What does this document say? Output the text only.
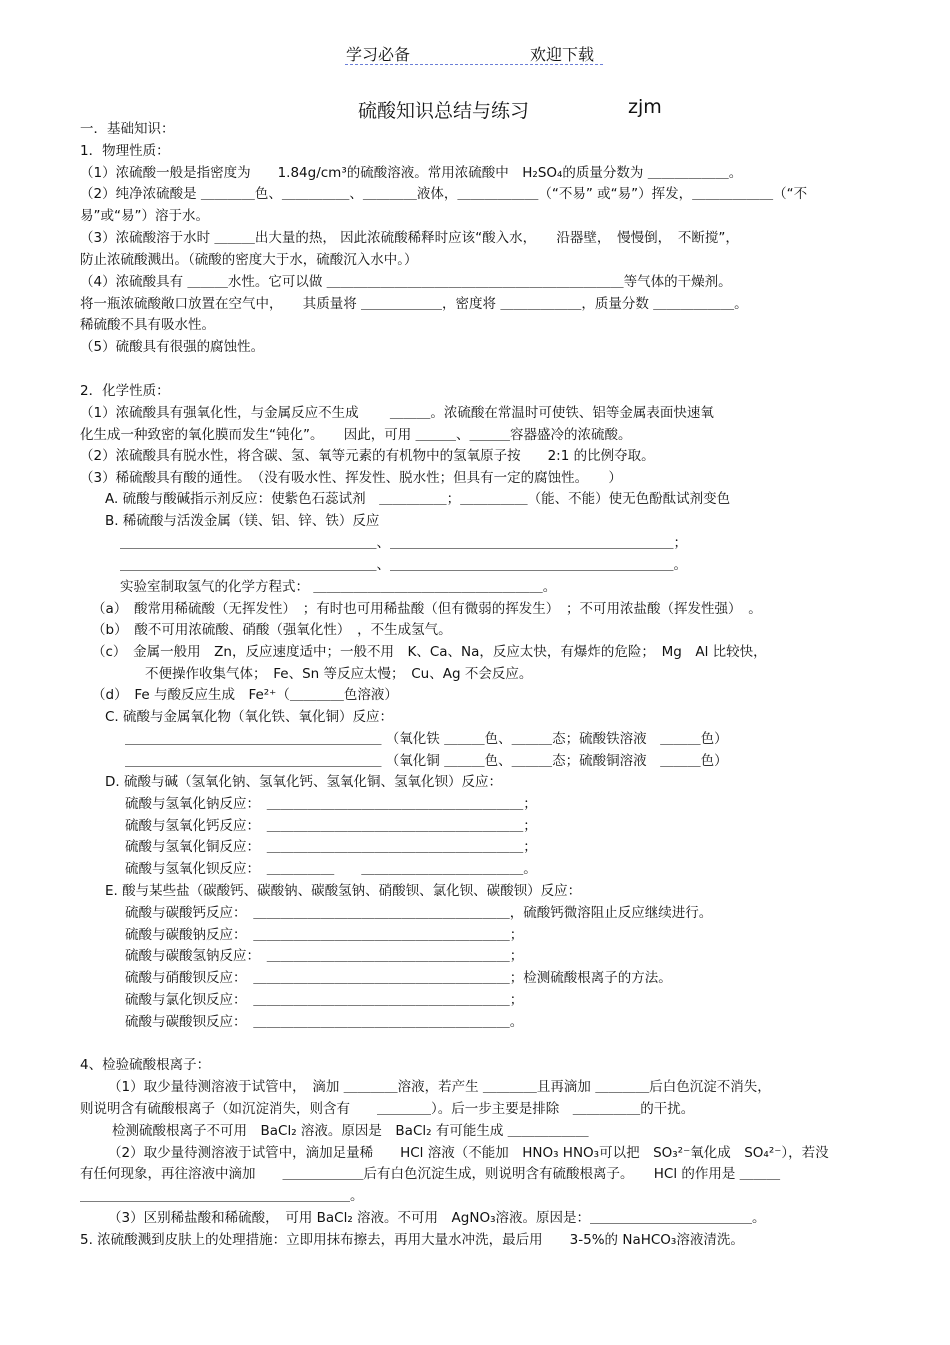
学习必备	欢迎下载
硫酸知识总结与练习	zjm
一．基础知识：
1．物理性质：
（1）浓硫酸一般是指密度为　　1.84g/cm³的硫酸溶液。常用浓硫酸中　H₂SO₄的质量分数为 ＿＿＿＿＿＿。
（2）纯净浓硫酸是 ＿＿＿＿色、＿＿＿＿＿、＿＿＿＿液体，＿＿＿＿＿＿（“不易” 或“易”）挥发，＿＿＿＿＿＿（“不
易”或“易”）溶于水。
（3）浓硫酸溶于水时 ＿＿＿出大量的热， 因此浓硫酸稀释时应该“酸入水，　　沿器壁，　慢慢倒，　不断搅”，
防止浓硫酸溅出。（硫酸的密度大于水，硫酸沉入水中。）
（4）浓硫酸具有 ＿＿＿水性。它可以做 ＿＿＿＿＿＿＿＿＿＿＿＿＿＿＿＿＿＿＿＿＿＿等气体的干燥剂。
将一瓶浓硫酸敞口放置在空气中，　　其质量将 ＿＿＿＿＿＿，密度将 ＿＿＿＿＿＿，质量分数 ＿＿＿＿＿＿。
稀硫酸不具有吸水性。
（5）硫酸具有很强的腐蚀性。
2．化学性质：
（1）浓硫酸具有强氧化性，与金属反应不生成 　　＿＿＿。浓硫酸在常温时可使铁、铝等金属表面快速氧
化生成一种致密的氧化膜而发生“钝化”。　　因此，可用 ＿＿＿、＿＿＿容器盛冷的浓硫酸。
（2）浓硫酸具有脱水性，将含碳、氢、氧等元素的有机物中的氢氧原子按　　2:1 的比例夺取。
（3）稀硫酸具有酸的通性。　（没有吸水性、挥发性、脱水性；但具有一定的腐蚀性。　　）
A. 硫酸与酸碱指示剂反应：使紫色石蕊试剂　＿＿＿＿＿；＿＿＿＿＿（能、不能）使无色酚酞试剂变色
B. 稀硫酸与活泼金属（镁、铝、锌、铁）反应
＿＿＿＿＿＿＿＿＿＿＿＿＿＿＿＿＿＿＿、＿＿＿＿＿＿＿＿＿＿＿＿＿＿＿＿＿＿＿＿＿；
＿＿＿＿＿＿＿＿＿＿＿＿＿＿＿＿＿＿＿、＿＿＿＿＿＿＿＿＿＿＿＿＿＿＿＿＿＿＿＿＿。
实验室制取氢气的化学方程式： ＿＿＿＿＿＿＿＿＿＿＿＿＿＿＿＿＿。
（a）　酸常用稀硫酸（无挥发性）　；有时也可用稀盐酸（但有微弱的挥发生）　；不可用浓盐酸（挥发性强）　。
（b）　酸不可用浓硫酸、硝酸（强氧化性）　，不生成氢气。
（c）　金属一般用　Zn，反应速度适中；一般不用　K、Ca、Na，反应太快，有爆炸的危险；　Mg　Al 比较快，
不便操作收集气体；　Fe、Sn 等反应太慢；　Cu、Ag 不会反应。
（d）　Fe 与酸反应生成　Fe²⁺（＿＿＿＿色溶液）
C. 硫酸与金属氧化物（氧化铁、氧化铜）反应：
＿＿＿＿＿＿＿＿＿＿＿＿＿＿＿＿＿＿＿ （氧化铁 ＿＿＿色、＿＿＿态；硫酸铁溶液　＿＿＿色）
＿＿＿＿＿＿＿＿＿＿＿＿＿＿＿＿＿＿＿ （氧化铜 ＿＿＿色、＿＿＿态；硫酸铜溶液　＿＿＿色）
D. 硫酸与碱（氢氧化钠、氢氧化钙、氢氧化铜、氢氧化钡）反应：
硫酸与氢氧化钠反应：　＿＿＿＿＿＿＿＿＿＿＿＿＿＿＿＿＿＿＿；
硫酸与氢氧化钙反应：　＿＿＿＿＿＿＿＿＿＿＿＿＿＿＿＿＿＿＿；
硫酸与氢氧化铜反应：　＿＿＿＿＿＿＿＿＿＿＿＿＿＿＿＿＿＿＿；
硫酸与氢氧化钡反应：　＿＿＿＿＿　　＿＿＿＿＿＿＿＿＿＿＿＿。
E. 酸与某些盐（碳酸钙、碳酸钠、碳酸氢钠、硝酸钡、氯化钡、碳酸钡）反应：
硫酸与碳酸钙反应：　＿＿＿＿＿＿＿＿＿＿＿＿＿＿＿＿＿＿＿，硫酸钙微溶阻止反应继续进行。
硫酸与碳酸钠反应：　＿＿＿＿＿＿＿＿＿＿＿＿＿＿＿＿＿＿＿；
硫酸与碳酸氢钠反应：　＿＿＿＿＿＿＿＿＿＿＿＿＿＿＿＿＿＿；
硫酸与硝酸钡反应：　＿＿＿＿＿＿＿＿＿＿＿＿＿＿＿＿＿＿＿；检测硫酸根离子的方法。
硫酸与氯化钡反应：　＿＿＿＿＿＿＿＿＿＿＿＿＿＿＿＿＿＿＿；
硫酸与碳酸钡反应：　＿＿＿＿＿＿＿＿＿＿＿＿＿＿＿＿＿＿＿。
4、检验硫酸根离子：
（1）取少量待测溶液于试管中，　滴加 ＿＿＿＿溶液，若产生 ＿＿＿＿且再滴加 ＿＿＿＿后白色沉淀不消失，
则说明含有硫酸根离子（如沉淀消失，则含有　　＿＿＿＿）。后一步主要是排除　＿＿＿＿＿的干扰。
检测硫酸根离子不可用　BaCl₂ 溶液。原因是　BaCl₂ 有可能生成 ＿＿＿＿＿＿
（2）取少量待测溶液于试管中，滴加足量稀　　HCl 溶液（不能加　HNO₃ HNO₃可以把　SO₃²⁻氧化成　SO₄²⁻），若没
有任何现象，再往溶液中滴加　　＿＿＿＿＿＿后有白色沉淀生成，则说明含有硫酸根离子。　　HCl 的作用是 ＿＿＿
＿＿＿＿＿＿＿＿＿＿＿＿＿＿＿＿＿＿＿＿。
（3）区别稀盐酸和稀硫酸，　可用 BaCl₂ 溶液。不可用　AgNO₃溶液。原因是：＿＿＿＿＿＿＿＿＿＿＿＿。
5. 浓硫酸溅到皮肤上的处理措施：立即用抹布擦去，再用大量水冲洗，最后用　　3-5%的 NaHCO₃溶液清洗。
